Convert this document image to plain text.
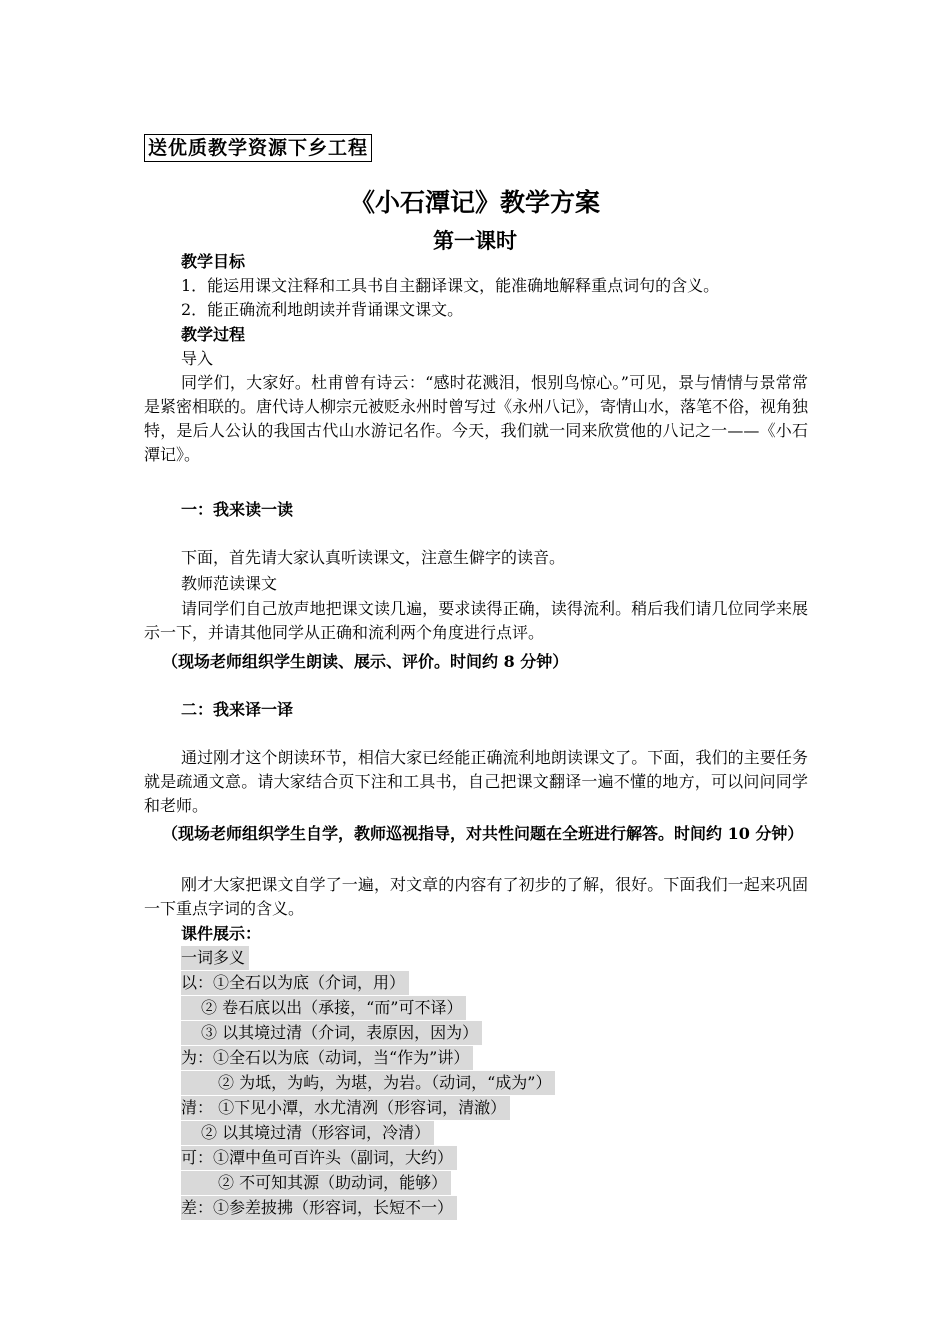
送优质教学资源下乡工程
《小石潭记》教学方案
第一课时
教学目标
1．能运用课文注释和工具书自主翻译课文，能准确地解释重点词句的含义。
2．能正确流利地朗读并背诵课文课文。
教学过程
导入
同学们，大家好。杜甫曾有诗云：“感时花溅泪，恨别鸟惊心。”可见，景与情情与景常常是紧密相联的。唐代诗人柳宗元被贬永州时曾写过《永州八记》，寄情山水，落笔不俗，视角独特，是后人公认的我国古代山水游记名作。今天，我们就一同来欣赏他的八记之一——《小石潭记》。
一：我来读一读
下面，首先请大家认真听读课文，注意生僻字的读音。
教师范读课文
请同学们自己放声地把课文读几遍，要求读得正确，读得流利。稍后我们请几位同学来展示一下，并请其他同学从正确和流利两个角度进行点评。
（现场老师组织学生朗读、展示、评价。时间约 8 分钟）
二：我来译一译
通过刚才这个朗读环节，相信大家已经能正确流利地朗读课文了。下面，我们的主要任务就是疏通文意。请大家结合页下注和工具书，自己把课文翻译一遍不懂的地方，可以问问同学和老师。
（现场老师组织学生自学，教师巡视指导，对共性问题在全班进行解答。时间约 10 分钟）
刚才大家把课文自学了一遍，对文章的内容有了初步的了解，很好。下面我们一起来巩固一下重点字词的含义。
课件展示：
一词多义
以：①全石以为底（介词，用）
② 卷石底以出（承接，“而”可不译）
③ 以其境过清（介词，表原因，因为）
为：①全石以为底（动词，当“作为”讲）
② 为坻，为屿，为堪，为岩。（动词，“成为”）
清： ①下见小潭，水尤清冽（形容词，清澈）
② 以其境过清（形容词，冷清）
可：①潭中鱼可百许头（副词，大约）
② 不可知其源（助动词，能够）
差：①参差披拂（形容词，长短不一）
